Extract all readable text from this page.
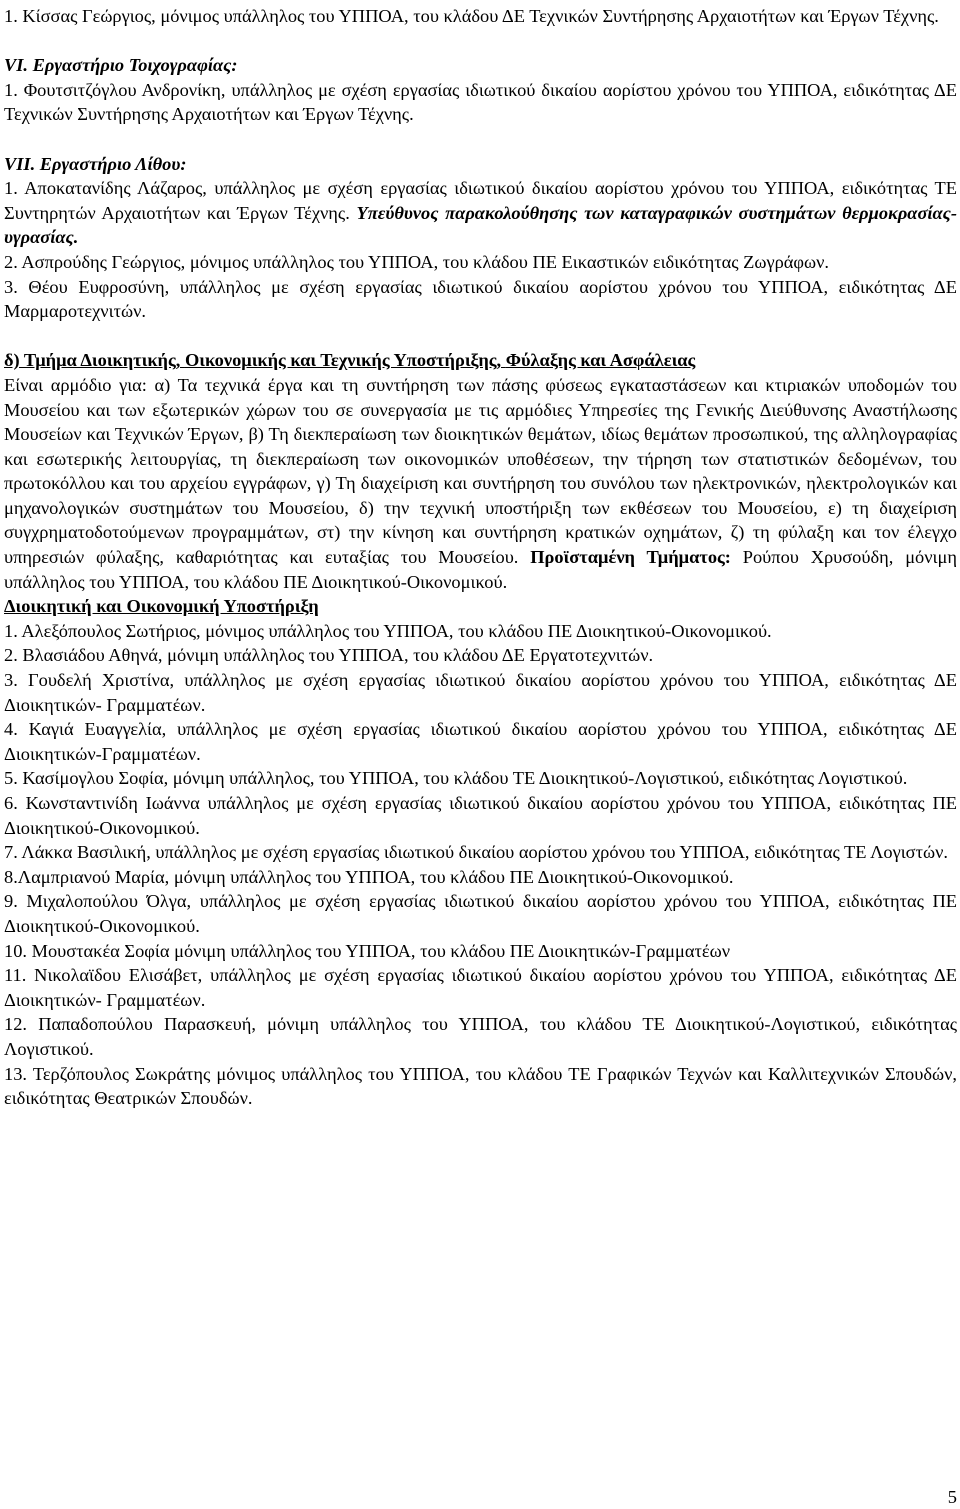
1. Κίσσας Γεώργιος, μόνιμος υπάλληλος του ΥΠΠΟΑ, του κλάδου ΔΕ Τεχνικών Συντήρησης Αρχαιοτήτων και Έργων Τέχνης.

VI. Εργαστήριο Τοιχογραφίας:

1. Φουτσιτζόγλου Ανδρονίκη, υπάλληλος με σχέση εργασίας ιδιωτικού δικαίου αορίστου χρόνου του ΥΠΠΟΑ, ειδικότητας ΔΕ Τεχνικών Συντήρησης Αρχαιοτήτων και Έργων Τέχνης.

VII. Εργαστήριο Λίθου:

1. Αποκατανίδης Λάζαρος, υπάλληλος με σχέση εργασίας ιδιωτικού δικαίου αορίστου χρόνου του ΥΠΠΟΑ, ειδικότητας ΤΕ Συντηρητών Αρχαιοτήτων και Έργων Τέχνης. Υπεύθυνος παρακολούθησης των καταγραφικών συστημάτων θερμοκρασίας-υγρασίας.

2. Ασπρούδης Γεώργιος, μόνιμος υπάλληλος του ΥΠΠΟΑ, του κλάδου ΠΕ Εικαστικών ειδικότητας Ζωγράφων.

3. Θέου Ευφροσύνη, υπάλληλος με σχέση εργασίας ιδιωτικού δικαίου αορίστου χρόνου του ΥΠΠΟΑ, ειδικότητας ΔΕ Μαρμαροτεχνιτών.

δ) Τμήμα Διοικητικής, Οικονομικής και Τεχνικής Υποστήριξης, Φύλαξης και Ασφάλειας

Είναι αρμόδιο για: α) Τα τεχνικά έργα και τη συντήρηση των πάσης φύσεως εγκαταστάσεων και κτιριακών υποδομών του Μουσείου και των εξωτερικών χώρων του σε συνεργασία με τις αρμόδιες Υπηρεσίες της Γενικής Διεύθυνσης Αναστήλωσης Μουσείων και Τεχνικών Έργων, β) Τη διεκπεραίωση των διοικητικών θεμάτων, ιδίως θεμάτων προσωπικού, της αλληλογραφίας και εσωτερικής λειτουργίας, τη διεκπεραίωση των οικονομικών υποθέσεων, την τήρηση των στατιστικών δεδομένων, του πρωτοκόλλου και του αρχείου εγγράφων, γ) Τη διαχείριση και συντήρηση του συνόλου των ηλεκτρονικών, ηλεκτρολογικών και μηχανολογικών συστημάτων του Μουσείου, δ) την τεχνική υποστήριξη των εκθέσεων του Μουσείου, ε) τη διαχείριση συγχρηματοδοτούμενων προγραμμάτων, στ) την κίνηση και συντήρηση κρατικών οχημάτων, ζ) τη φύλαξη και τον έλεγχο υπηρεσιών φύλαξης, καθαριότητας και ευταξίας του Μουσείου. Προϊσταμένη Τμήματος: Ρούπου Χρυσούδη, μόνιμη υπάλληλος του ΥΠΠΟΑ, του κλάδου ΠΕ Διοικητικού-Οικονομικού.

Διοικητική και Οικονομική Υποστήριξη

1. Αλεξόπουλος Σωτήριος, μόνιμος υπάλληλος του ΥΠΠΟΑ, του κλάδου ΠΕ Διοικητικού-Οικονομικού.

2. Βλασιάδου Αθηνά, μόνιμη υπάλληλος του ΥΠΠΟΑ, του κλάδου ΔΕ Εργατοτεχνιτών.

3. Γουδελή Χριστίνα, υπάλληλος με σχέση εργασίας ιδιωτικού δικαίου αορίστου χρόνου του ΥΠΠΟΑ, ειδικότητας ΔΕ Διοικητικών- Γραμματέων.

4. Καγιά Ευαγγελία, υπάλληλος με σχέση εργασίας ιδιωτικού δικαίου αορίστου χρόνου του ΥΠΠΟΑ, ειδικότητας ΔΕ Διοικητικών-Γραμματέων.

5. Κασίμογλου Σοφία, μόνιμη υπάλληλος, του ΥΠΠΟΑ, του κλάδου ΤΕ Διοικητικού-Λογιστικού, ειδικότητας Λογιστικού.

6. Κωνσταντινίδη Ιωάννα υπάλληλος με σχέση εργασίας ιδιωτικού δικαίου αορίστου χρόνου του ΥΠΠΟΑ, ειδικότητας ΠΕ Διοικητικού-Οικονομικού.

7. Λάκκα Βασιλική, υπάλληλος με σχέση εργασίας ιδιωτικού δικαίου αορίστου χρόνου του ΥΠΠΟΑ, ειδικότητας ΤΕ Λογιστών.

8.Λαμπριανού Μαρία, μόνιμη υπάλληλος του ΥΠΠΟΑ, του κλάδου ΠΕ Διοικητικού-Οικονομικού.

9. Μιχαλοπούλου Όλγα, υπάλληλος με σχέση εργασίας ιδιωτικού δικαίου αορίστου χρόνου του ΥΠΠΟΑ, ειδικότητας ΠΕ Διοικητικού-Οικονομικού.

10. Μουστακέα Σοφία μόνιμη υπάλληλος του ΥΠΠΟΑ, του κλάδου ΠΕ Διοικητικών-Γραμματέων

11. Νικολαϊδου Ελισάβετ, υπάλληλος με σχέση εργασίας ιδιωτικού δικαίου αορίστου χρόνου του ΥΠΠΟΑ, ειδικότητας ΔΕ Διοικητικών- Γραμματέων.

12. Παπαδοπούλου Παρασκευή, μόνιμη υπάλληλος του ΥΠΠΟΑ, του κλάδου ΤΕ Διοικητικού-Λογιστικού, ειδικότητας Λογιστικού.

13. Τερζόπουλος Σωκράτης μόνιμος υπάλληλος του ΥΠΠΟΑ, του κλάδου ΤΕ Γραφικών Τεχνών και Καλλιτεχνικών Σπουδών, ειδικότητας Θεατρικών Σπουδών.

5
